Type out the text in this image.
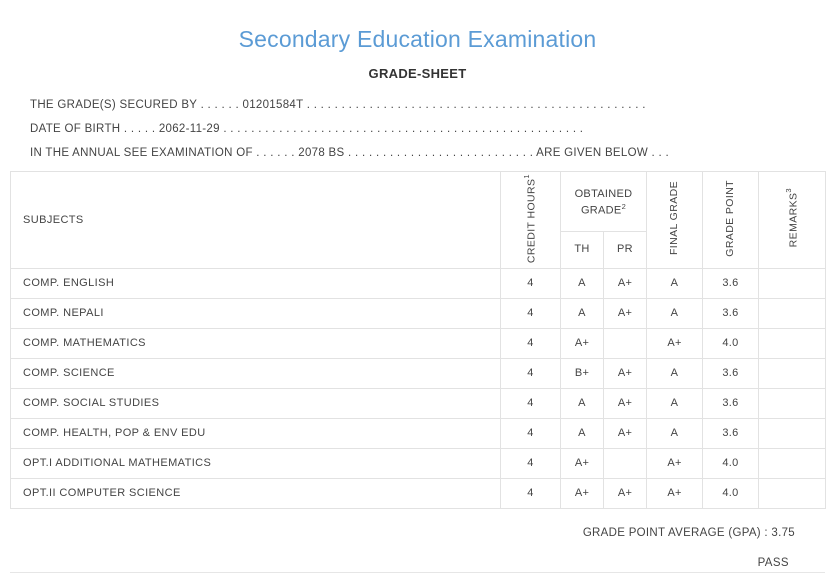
Secondary Education Examination
GRADE-SHEET
THE GRADE(S) SECURED BY . . . . . . 01201584T . . . . . . . . . . . . . . . . . . . . . . . . . . . . . . . . . . . . . . . . . . . . . . . . .
DATE OF BIRTH . . . . . 2062-11-29 . . . . . . . . . . . . . . . . . . . . . . . . . . . . . . . . . . . . . . . . . . . . . . . . . . . .
IN THE ANNUAL SEE EXAMINATION OF . . . . . . 2078 BS . . . . . . . . . . . . . . . . . . . . . . . . . . . ARE GIVEN BELOW . . .
SUBJECTS	CREDIT HOURS$^1$	OBTAINED GRADE$^2$		FINAL GRADE	GRADE POINT	REMARKS$^3$
		TH	PR			
COMP. ENGLISH	4	A	A+	A	3.6	
COMP. NEPALI	4	A	A+	A	3.6	
COMP. MATHEMATICS	4	A+		A+	4.0	
COMP. SCIENCE	4	B+	A+	A	3.6	
COMP. SOCIAL STUDIES	4	A	A+	A	3.6	
COMP. HEALTH, POP & ENV EDU	4	A	A+	A	3.6	
OPT.I ADDITIONAL MATHEMATICS	4	A+		A+	4.0	
OPT.II COMPUTER SCIENCE	4	A+	A+	A+	4.0	
GRADE POINT AVERAGE (GPA) : 3.75
PASS
